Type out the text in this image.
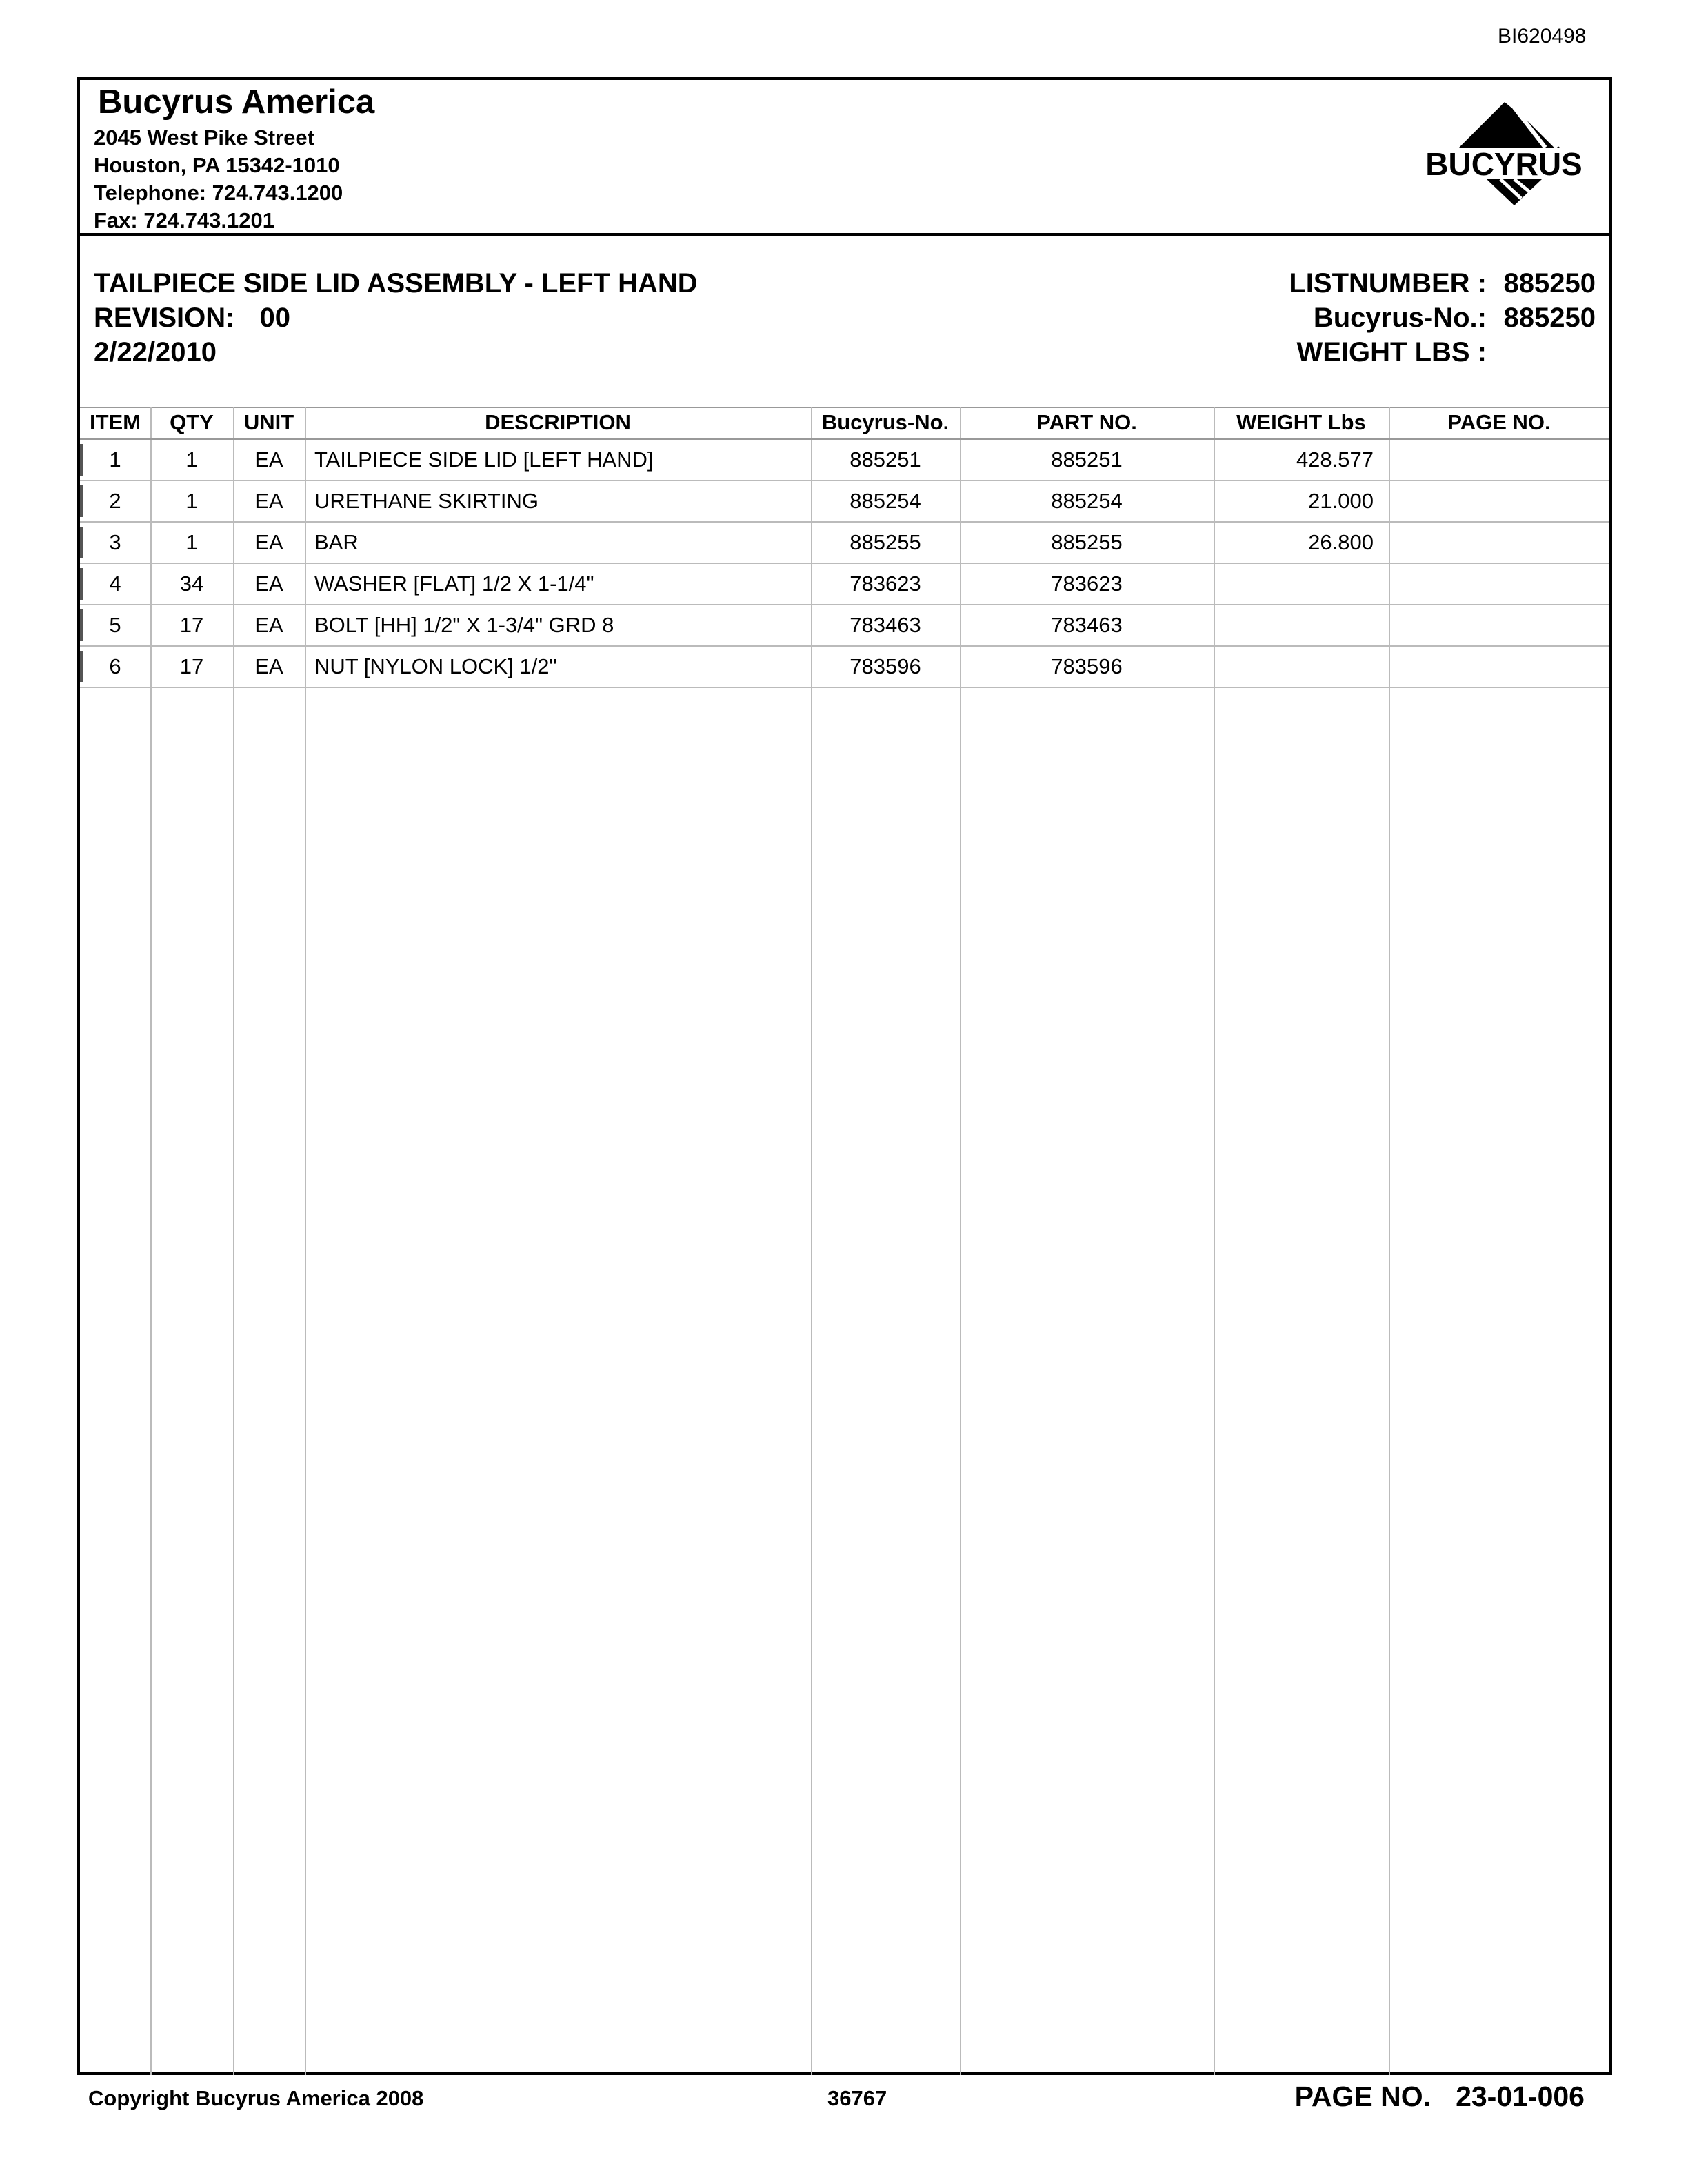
BI620498
Bucyrus America
2045 West Pike Street
Houston, PA 15342-1010
Telephone: 724.743.1200
Fax: 724.743.1201
BUCYRUS
TAILPIECE SIDE LID ASSEMBLY - LEFT HAND
REVISION: 00
2/22/2010
LISTNUMBER : 885250
Bucyrus-No.: 885250
WEIGHT LBS :
ITEM	QTY	UNIT	DESCRIPTION	Bucyrus-No.	PART NO.	WEIGHT Lbs	PAGE NO.
1	1	EA	TAILPIECE SIDE LID [LEFT HAND]	885251	885251	428.577
2	1	EA	URETHANE SKIRTING	885254	885254	21.000
3	1	EA	BAR	885255	885255	26.800
4	34	EA	WASHER [FLAT] 1/2 X 1-1/4"	783623	783623
5	17	EA	BOLT [HH] 1/2" X 1-3/4" GRD 8	783463	783463
6	17	EA	NUT [NYLON LOCK] 1/2"	783596	783596
Copyright Bucyrus America 2008	36767	PAGE NO. 23-01-006
